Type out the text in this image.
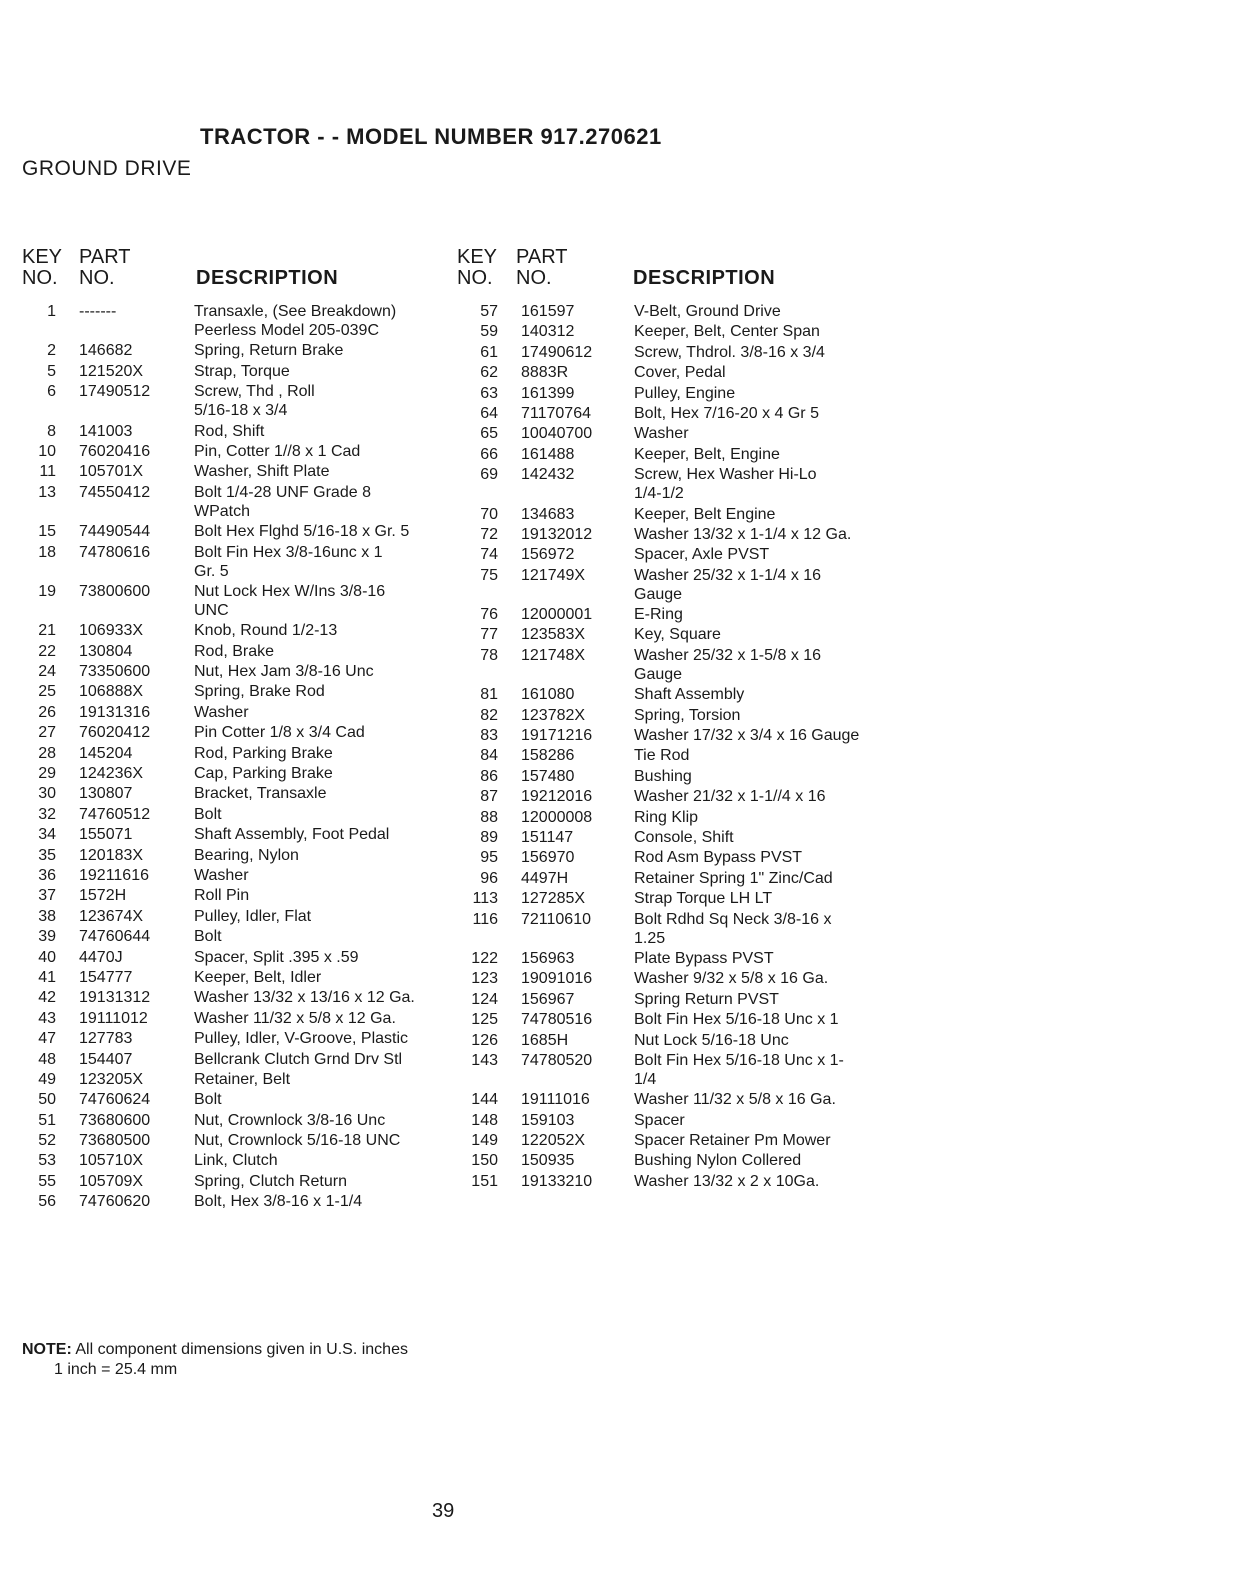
TRACTOR - - MODEL NUMBER 917.270621
GROUND DRIVE
KEY
NO.
PART
NO.	DESCRIPTION
KEY
NO.
PART
NO.	DESCRIPTION
1 -------	Transaxle, (See Breakdown)
Peerless Model 205-039C
2 146682	Spring, Return Brake
5 121520X	Strap, Torque
6 17490512	Screw, Thd , Roll
5/16-18 x 3/4
8 141003	Rod, Shift
10 76020416	Pin, Cotter 1//8 x 1 Cad
11 105701X	Washer, Shift Plate
13 74550412	Bolt 1/4-28 UNF Grade 8
WPatch
15 74490544	Bolt Hex Flghd 5/16-18 x Gr. 5
18 74780616	Bolt Fin Hex 3/8-16unc x 1
Gr. 5
19 73800600	Nut Lock Hex W/Ins 3/8-16
UNC
21 106933X	Knob, Round 1/2-13
22 130804	Rod, Brake
24 73350600	Nut, Hex Jam 3/8-16 Unc
25 106888X	Spring, Brake Rod
26 19131316	Washer
27 76020412	Pin Cotter 1/8 x 3/4 Cad
28 145204	Rod, Parking Brake
29 124236X	Cap, Parking Brake
30 130807	Bracket, Transaxle
32 74760512	Bolt
34 155071	Shaft Assembly, Foot Pedal
35 120183X	Bearing, Nylon
36 19211616	Washer
37 1572H	Roll Pin
38 123674X	Pulley, Idler, Flat
39 74760644	Bolt
40 4470J	Spacer, Split .395 x .59
41 154777	Keeper, Belt, Idler
42 19131312	Washer 13/32 x 13/16 x 12 Ga.
43 19111012	Washer 11/32 x 5/8 x 12 Ga.
47 127783	Pulley, Idler, V-Groove, Plastic
48 154407	Bellcrank Clutch Grnd Drv Stl
49 123205X	Retainer, Belt
50 74760624	Bolt
51 73680600	Nut, Crownlock 3/8-16 Unc
52 73680500	Nut, Crownlock 5/16-18 UNC
53 105710X	Link, Clutch
55 105709X	Spring, Clutch Return
56 74760620	Bolt, Hex 3/8-16 x 1-1/4
57 161597	V-Belt, Ground Drive
59 140312	Keeper, Belt, Center Span
61 17490612	Screw, Thdrol. 3/8-16 x 3/4
62 8883R	Cover, Pedal
63 161399	Pulley, Engine
64 71170764	Bolt, Hex 7/16-20 x 4 Gr 5
65 10040700	Washer
66 161488	Keeper, Belt, Engine
69 142432	Screw, Hex Washer Hi-Lo
1/4-1/2
70 134683	Keeper, Belt Engine
72 19132012	Washer 13/32 x 1-1/4 x 12 Ga.
74 156972	Spacer, Axle PVST
75 121749X	Washer 25/32 x 1-1/4 x 16
Gauge
76 12000001	E-Ring
77 123583X	Key, Square
78 121748X	Washer 25/32 x 1-5/8 x 16
Gauge
81 161080	Shaft Assembly
82 123782X	Spring, Torsion
83 19171216	Washer 17/32 x 3/4 x 16 Gauge
84 158286	Tie Rod
86 157480	Bushing
87 19212016	Washer 21/32 x 1-1//4 x 16
88 12000008	Ring Klip
89 151147	Console, Shift
95 156970	Rod Asm Bypass PVST
96 4497H	Retainer Spring 1" Zinc/Cad
113 127285X	Strap Torque LH LT
116 72110610	Bolt Rdhd Sq Neck 3/8-16 x
1.25
122 156963	Plate Bypass PVST
123 19091016	Washer 9/32 x 5/8 x 16 Ga.
124 156967	Spring Return PVST
125 74780516	Bolt Fin Hex 5/16-18 Unc x 1
126 1685H	Nut Lock 5/16-18 Unc
143 74780520	Bolt Fin Hex 5/16-18 Unc x 1-
1/4
144 19111016	Washer 11/32 x 5/8 x 16 Ga.
148 159103	Spacer
149 122052X	Spacer Retainer Pm Mower
150 150935	Bushing Nylon Collered
151 19133210	Washer 13/32 x 2 x 10Ga.
NOTE: All component dimensions given in U.S. inches
1 inch = 25.4 mm
39
